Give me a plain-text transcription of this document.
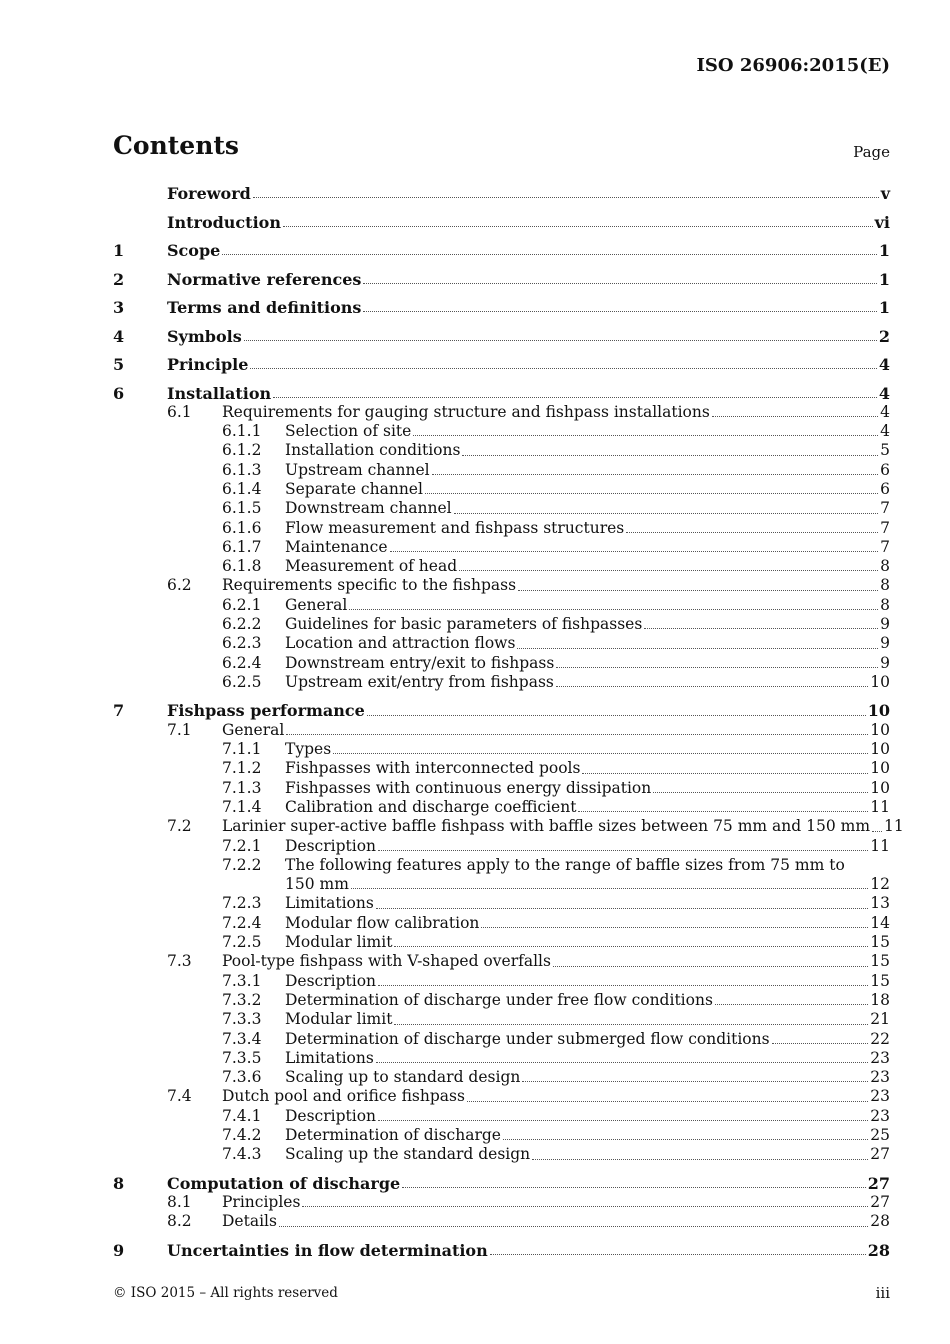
ISO 26906:2015(E)
Contents	Page
Foreword	v
Introduction	vi
1	Scope	1
2	Normative references	1
3	Terms and definitions	1
4	Symbols	2
5	Principle	4
6	Installation	4
6.1	Requirements for gauging structure and fishpass installations	4
6.1.1	Selection of site	4
6.1.2	Installation conditions	5
6.1.3	Upstream channel	6
6.1.4	Separate channel	6
6.1.5	Downstream channel	7
6.1.6	Flow measurement and fishpass structures	7
6.1.7	Maintenance	7
6.1.8	Measurement of head	8
6.2	Requirements specific to the fishpass	8
6.2.1	General	8
6.2.2	Guidelines for basic parameters of fishpasses	9
6.2.3	Location and attraction flows	9
6.2.4	Downstream entry/exit to fishpass	9
6.2.5	Upstream exit/entry from fishpass	10
7	Fishpass performance	10
7.1	General	10
7.1.1	Types	10
7.1.2	Fishpasses with interconnected pools	10
7.1.3	Fishpasses with continuous energy dissipation	10
7.1.4	Calibration and discharge coefficient	11
7.2	Larinier super-active baffle fishpass with baffle sizes between 75 mm and 150 mm 11
7.2.1	Description	11
7.2.2	The following features apply to the range of baffle sizes from 75 mm to
150 mm	12
7.2.3	Limitations	13
7.2.4	Modular flow calibration	14
7.2.5	Modular limit	15
7.3	Pool-type fishpass with V-shaped overfalls	15
7.3.1	Description	15
7.3.2	Determination of discharge under free flow conditions	18
7.3.3	Modular limit	21
7.3.4	Determination of discharge under submerged flow conditions	22
7.3.5	Limitations	23
7.3.6	Scaling up to standard design	23
7.4	Dutch pool and orifice fishpass	23
7.4.1	Description	23
7.4.2	Determination of discharge	25
7.4.3	Scaling up the standard design	27
8	Computation of discharge	27
8.1	Principles	27
8.2	Details	28
9	Uncertainties in flow determination	28
© ISO 2015 – All rights reserved	iii
